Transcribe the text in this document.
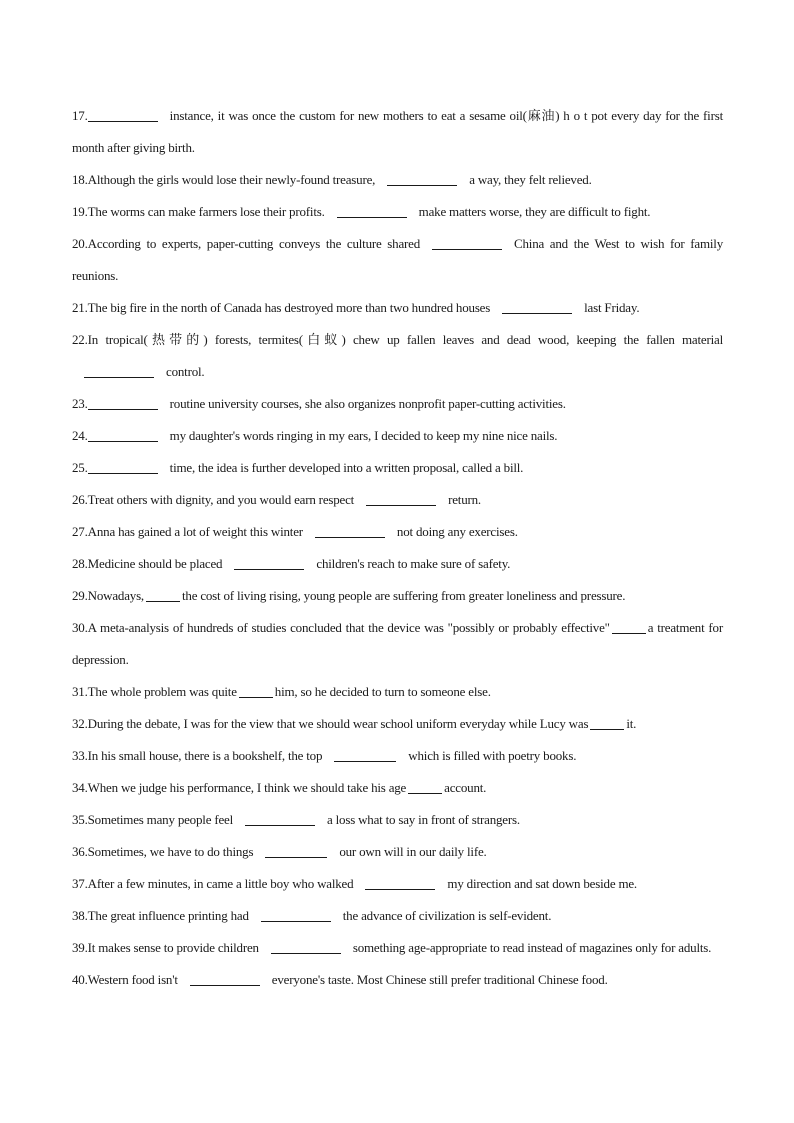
17.	instance, it was once the custom for new mothers to eat a sesame oil(麻油) h o t pot every day for the first month after giving birth.

18.Although the girls would lose their newly-found treasure,	a way, they felt relieved.

19.The worms can make farmers lose their profits.	make matters worse, they are difficult to fight.

20.According to experts, paper-cutting conveys the culture shared	China and the West to wish for family reunions.

21.The big fire in the north of Canada has destroyed more than two hundred houses	last Friday.

22.In tropical(热带的) forests, termites(白蚁) chew up fallen leaves and dead wood, keeping the fallen materialcontrol.

23.	routine university courses, she also organizes nonprofit paper-cutting activities.

24.	my daughter's words ringing in my ears, I decided to keep my nine nice nails.

25.	time, the idea is further developed into a written proposal, called a bill.

26.Treat others with dignity, and you would earn respect	return.

27.Anna has gained a lot of weight this winter	not doing any exercises.

28.Medicine should be placed	children's reach to make sure of safety.

29.Nowadays,	the cost of living rising, young people are suffering from greater loneliness and pressure.

30.A meta-analysis of hundreds of studies concluded that the device was "possibly or probably effective"	a treatment for depression.

31.The whole problem was quite	him, so he decided to turn to someone else.

32.During the debate, I was for the view that we should wear school uniform everyday while Lucy was	it.

33.In his small house, there is a bookshelf, the top	which is filled with poetry books.

34.When we judge his performance, I think we should take his age	account.

35.Sometimes many people feel	a loss what to say in front of strangers.

36.Sometimes, we have to do things	our own will in our daily life.

37.After a few minutes, in came a little boy who walked	my direction and sat down beside me.

38.The great influence printing had	the advance of civilization is self-evident.

39.It makes sense to provide children	something age-appropriate to read instead of magazines only for adults.

40.Western food isn't	everyone's taste. Most Chinese still prefer traditional Chinese food.
